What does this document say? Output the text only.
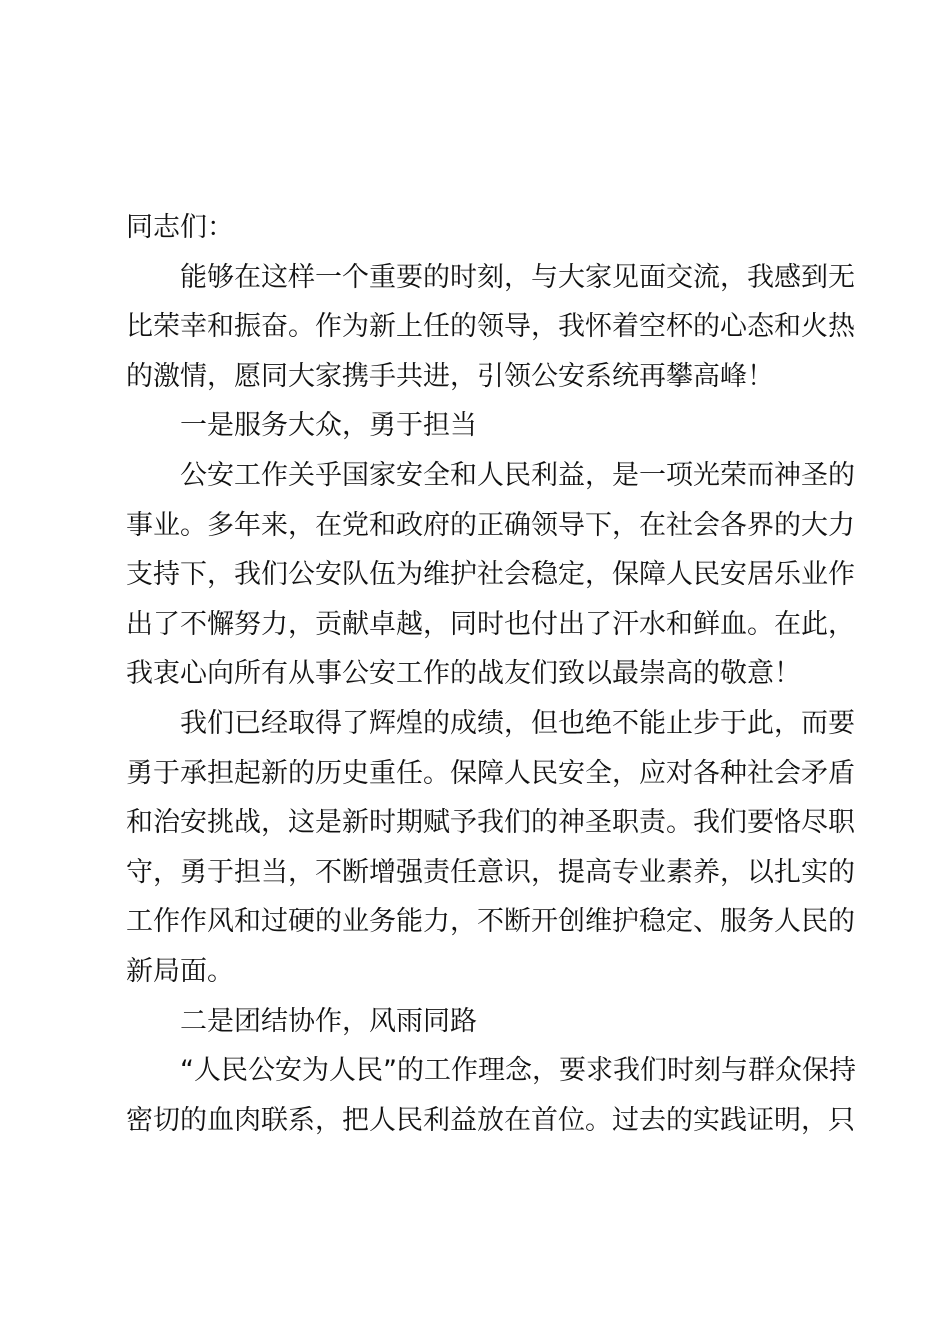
同志们：
能够在这样一个重要的时刻，与大家见面交流，我感到无
比荣幸和振奋。作为新上任的领导，我怀着空杯的心态和火热
的激情，愿同大家携手共进，引领公安系统再攀高峰！
一是服务大众，勇于担当
公安工作关乎国家安全和人民利益，是一项光荣而神圣的
事业。多年来，在党和政府的正确领导下，在社会各界的大力
支持下，我们公安队伍为维护社会稳定，保障人民安居乐业作
出了不懈努力，贡献卓越，同时也付出了汗水和鲜血。在此，
我衷心向所有从事公安工作的战友们致以最崇高的敬意！
我们已经取得了辉煌的成绩，但也绝不能止步于此，而要
勇于承担起新的历史重任。保障人民安全，应对各种社会矛盾
和治安挑战，这是新时期赋予我们的神圣职责。我们要恪尽职
守，勇于担当，不断增强责任意识，提高专业素养，以扎实的
工作作风和过硬的业务能力，不断开创维护稳定、服务人民的
新局面。
二是团结协作，风雨同路
“人民公安为人民”的工作理念，要求我们时刻与群众保持
密切的血肉联系，把人民利益放在首位。过去的实践证明，只
